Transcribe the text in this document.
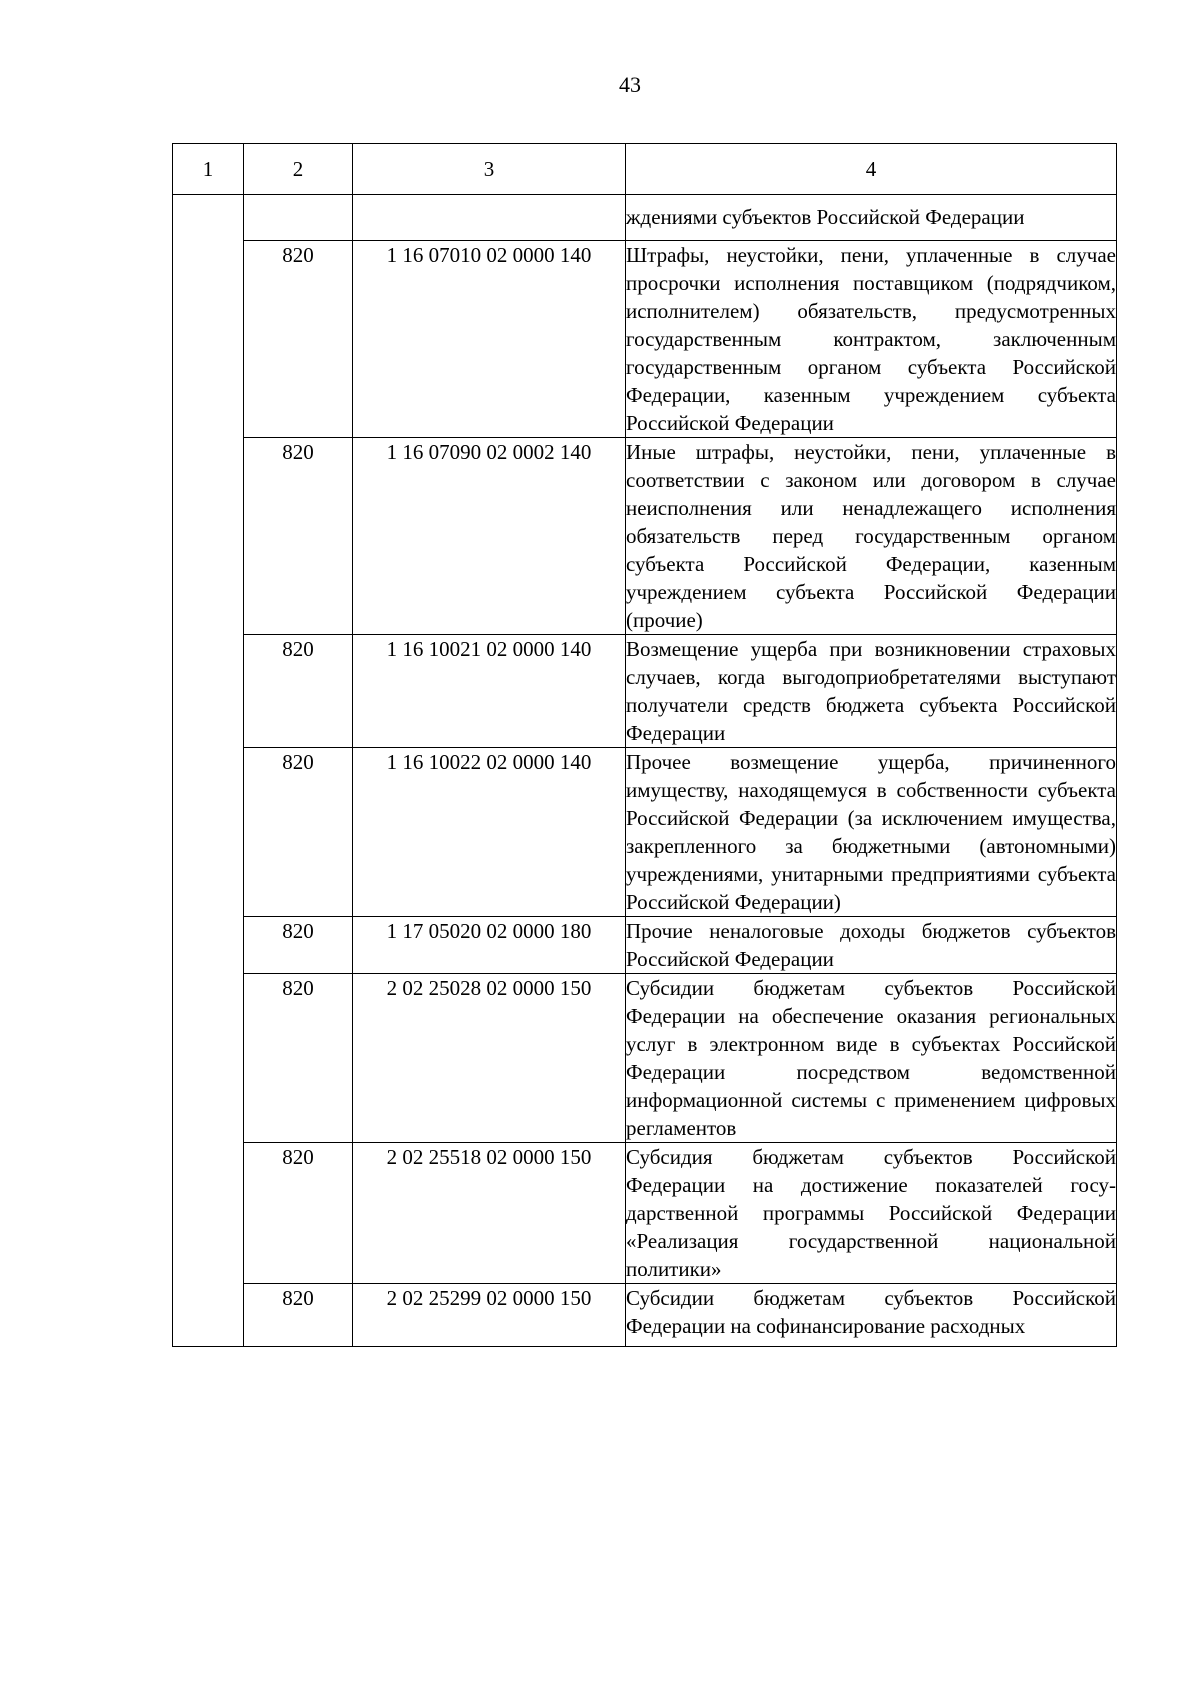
43
1	2	3	4
			ждениями субъектов Российской Федерации
	820	1 16 07010 02 0000 140	Штрафы, неустойки, пени, уплаченные в случае просрочки исполнения поставщиком (подрядчиком, исполнителем) обязательств, предусмотренных государственным контрактом, заключенным государственным органом субъекта Российской Федерации, казенным учреждением субъекта Российской Федерации
	820	1 16 07090 02 0002 140	Иные штрафы, неустойки, пени, уплаченные в соответствии с законом или договором в случае неисполнения или ненадлежащего исполнения обязательств перед государственным органом субъекта Российской Федерации, казенным учреждением субъекта Российской Федерации (прочие)
	820	1 16 10021 02 0000 140	Возмещение ущерба при возникновении страховых случаев, когда выгодоприобретателями выступают получатели средств бюджета субъекта Российской Федерации
	820	1 16 10022 02 0000 140	Прочее возмещение ущерба, причиненного имуществу, находящемуся в собственности субъекта Российской Федерации (за исключением имущества, закрепленного за бюджетными (автономными) учреждениями, унитарными предприятиями субъекта Российской Федерации)
	820	1 17 05020 02 0000 180	Прочие неналоговые доходы бюджетов субъектов Российской Федерации
	820	2 02 25028 02 0000 150	Субсидии бюджетам субъектов Российской Федерации на обеспечение оказания региональных услуг в электронном виде в субъектах Российской Федерации посредством ведомственной информационной системы с применением цифровых регламентов
	820	2 02 25518 02 0000 150	Субсидия бюджетам субъектов Российской Федерации на достижение показателей государственной программы Российской Федерации «Реализация государственной национальной политики»
	820	2 02 25299 02 0000 150	Субсидии бюджетам субъектов Российской Федерации на софинансирование расходных
